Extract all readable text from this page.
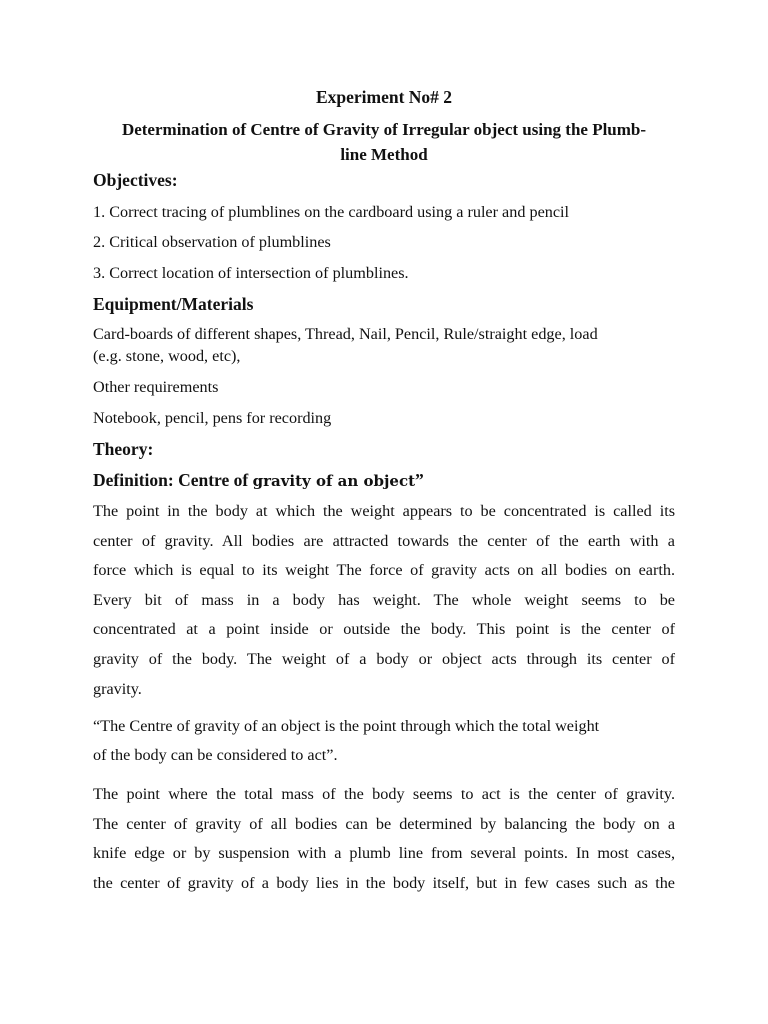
Experiment No# 2
Determination of Centre of Gravity of Irregular object using the Plumb-
line Method
Objectives:
1. Correct tracing of plumblines on the cardboard using a ruler and pencil
2. Critical observation of plumblines
3. Correct location of intersection of plumblines.
Equipment/Materials
Card-boards of different shapes, Thread, Nail, Pencil, Rule/straight edge, load
(e.g. stone, wood, etc),
Other requirements
Notebook, pencil, pens for recording
Theory:
Definition: Centre of gravity of an object”
The point in the body at which the weight appears to be concentrated is called its
center of gravity. All bodies are attracted towards the center of the earth with a
force which is equal to its weight The force of gravity acts on all bodies on earth.
Every bit of mass in a body has weight. The whole weight seems to be
concentrated at a point inside or outside the body. This point is the center of
gravity of the body. The weight of a body or object acts through its center of
gravity.
“The Centre of gravity of an object is the point through which the total weight
of the body can be considered to act”.
The point where the total mass of the body seems to act is the center of gravity.
The center of gravity of all bodies can be determined by balancing the body on a
knife edge or by suspension with a plumb line from several points. In most cases,
the center of gravity of a body lies in the body itself, but in few cases such as the
